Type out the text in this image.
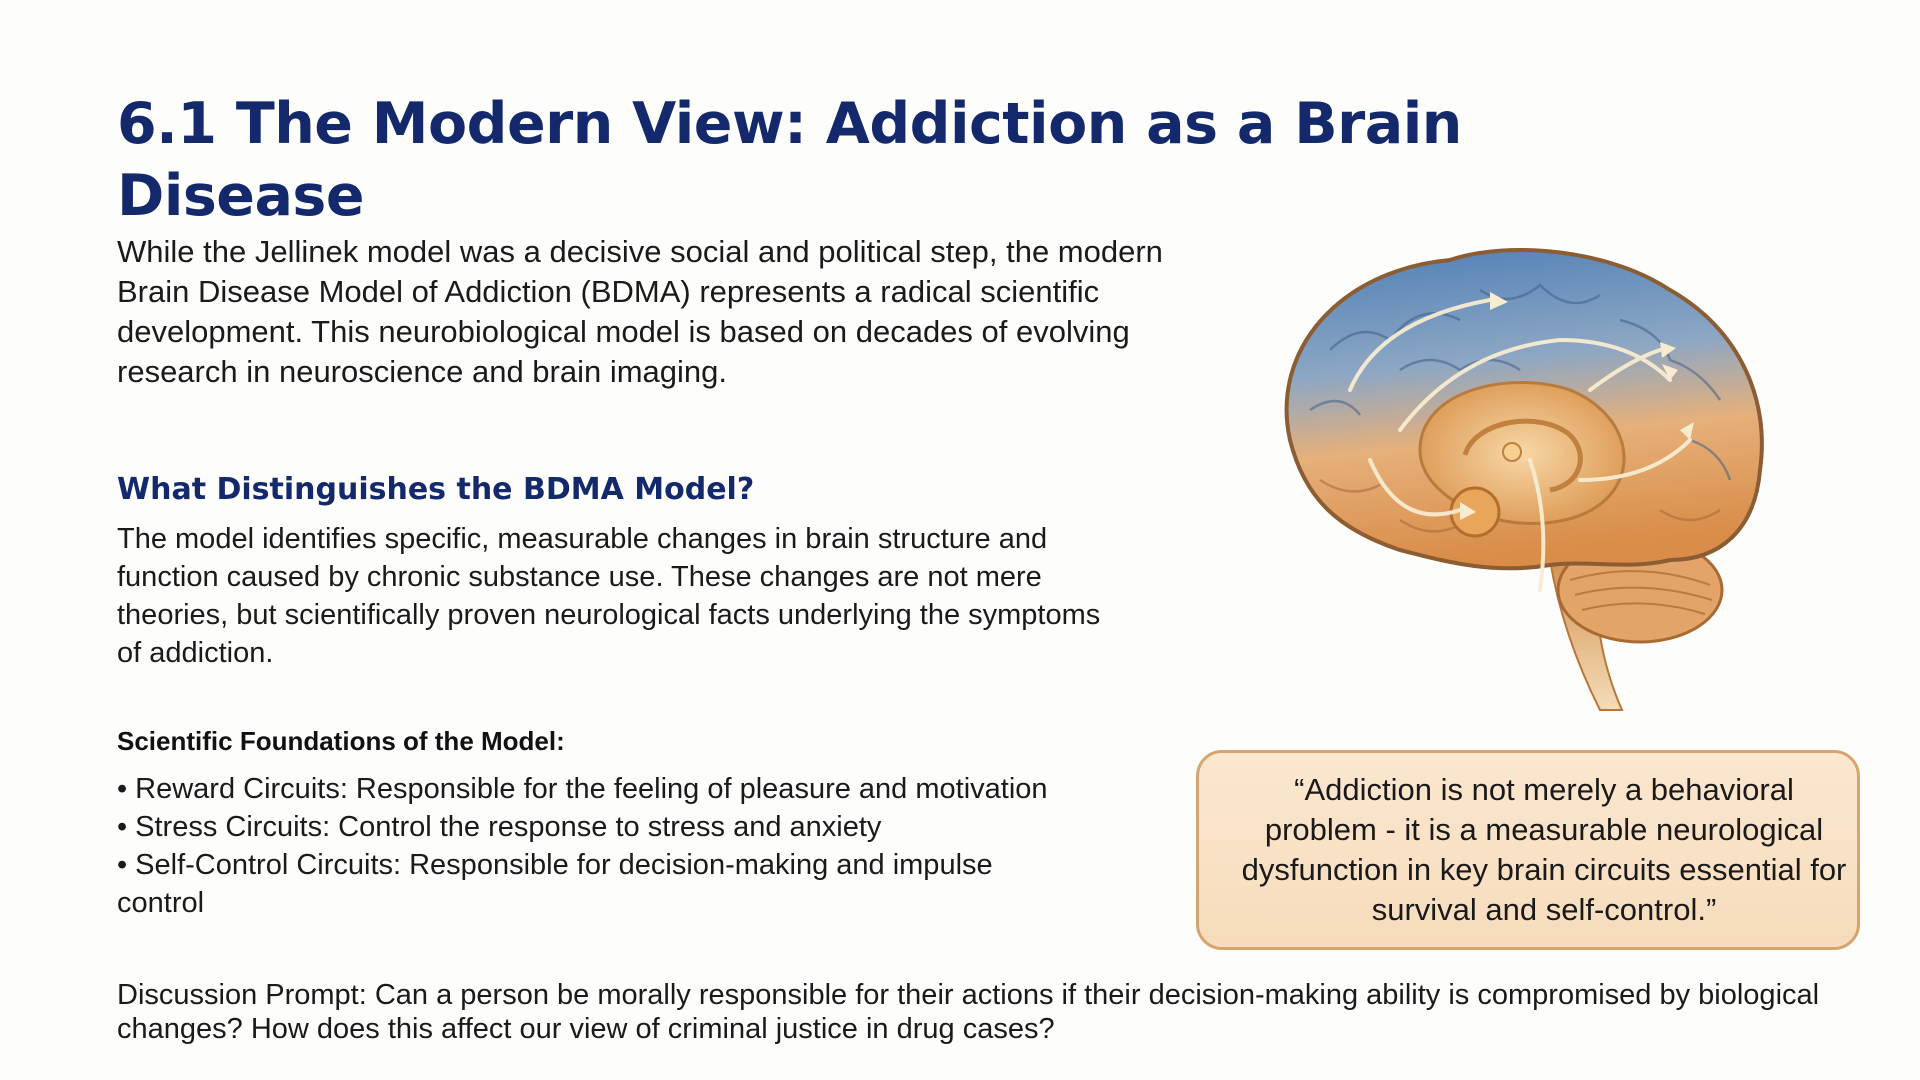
6.1 The Modern View: Addiction as a Brain Disease

While the Jellinek model was a decisive social and political step, the modern Brain Disease Model of Addiction (BDMA) represents a radical scientific development. This neurobiological model is based on decades of evolving research in neuroscience and brain imaging.

What Distinguishes the BDMA Model?

The model identifies specific, measurable changes in brain structure and function caused by chronic substance use. These changes are not mere theories, but scientifically proven neurological facts underlying the symptoms of addiction.

Scientific Foundations of the Model:
• Reward Circuits: Responsible for the feeling of pleasure and motivation
• Stress Circuits: Control the response to stress and anxiety
• Self-Control Circuits: Responsible for decision-making and impulse control

“Addiction is not merely a behavioral problem - it is a measurable neurological dysfunction in key brain circuits essential for survival and self-control.”

Discussion Prompt: Can a person be morally responsible for their actions if their decision-making ability is compromised by biological changes? How does this affect our view of criminal justice in drug cases?
